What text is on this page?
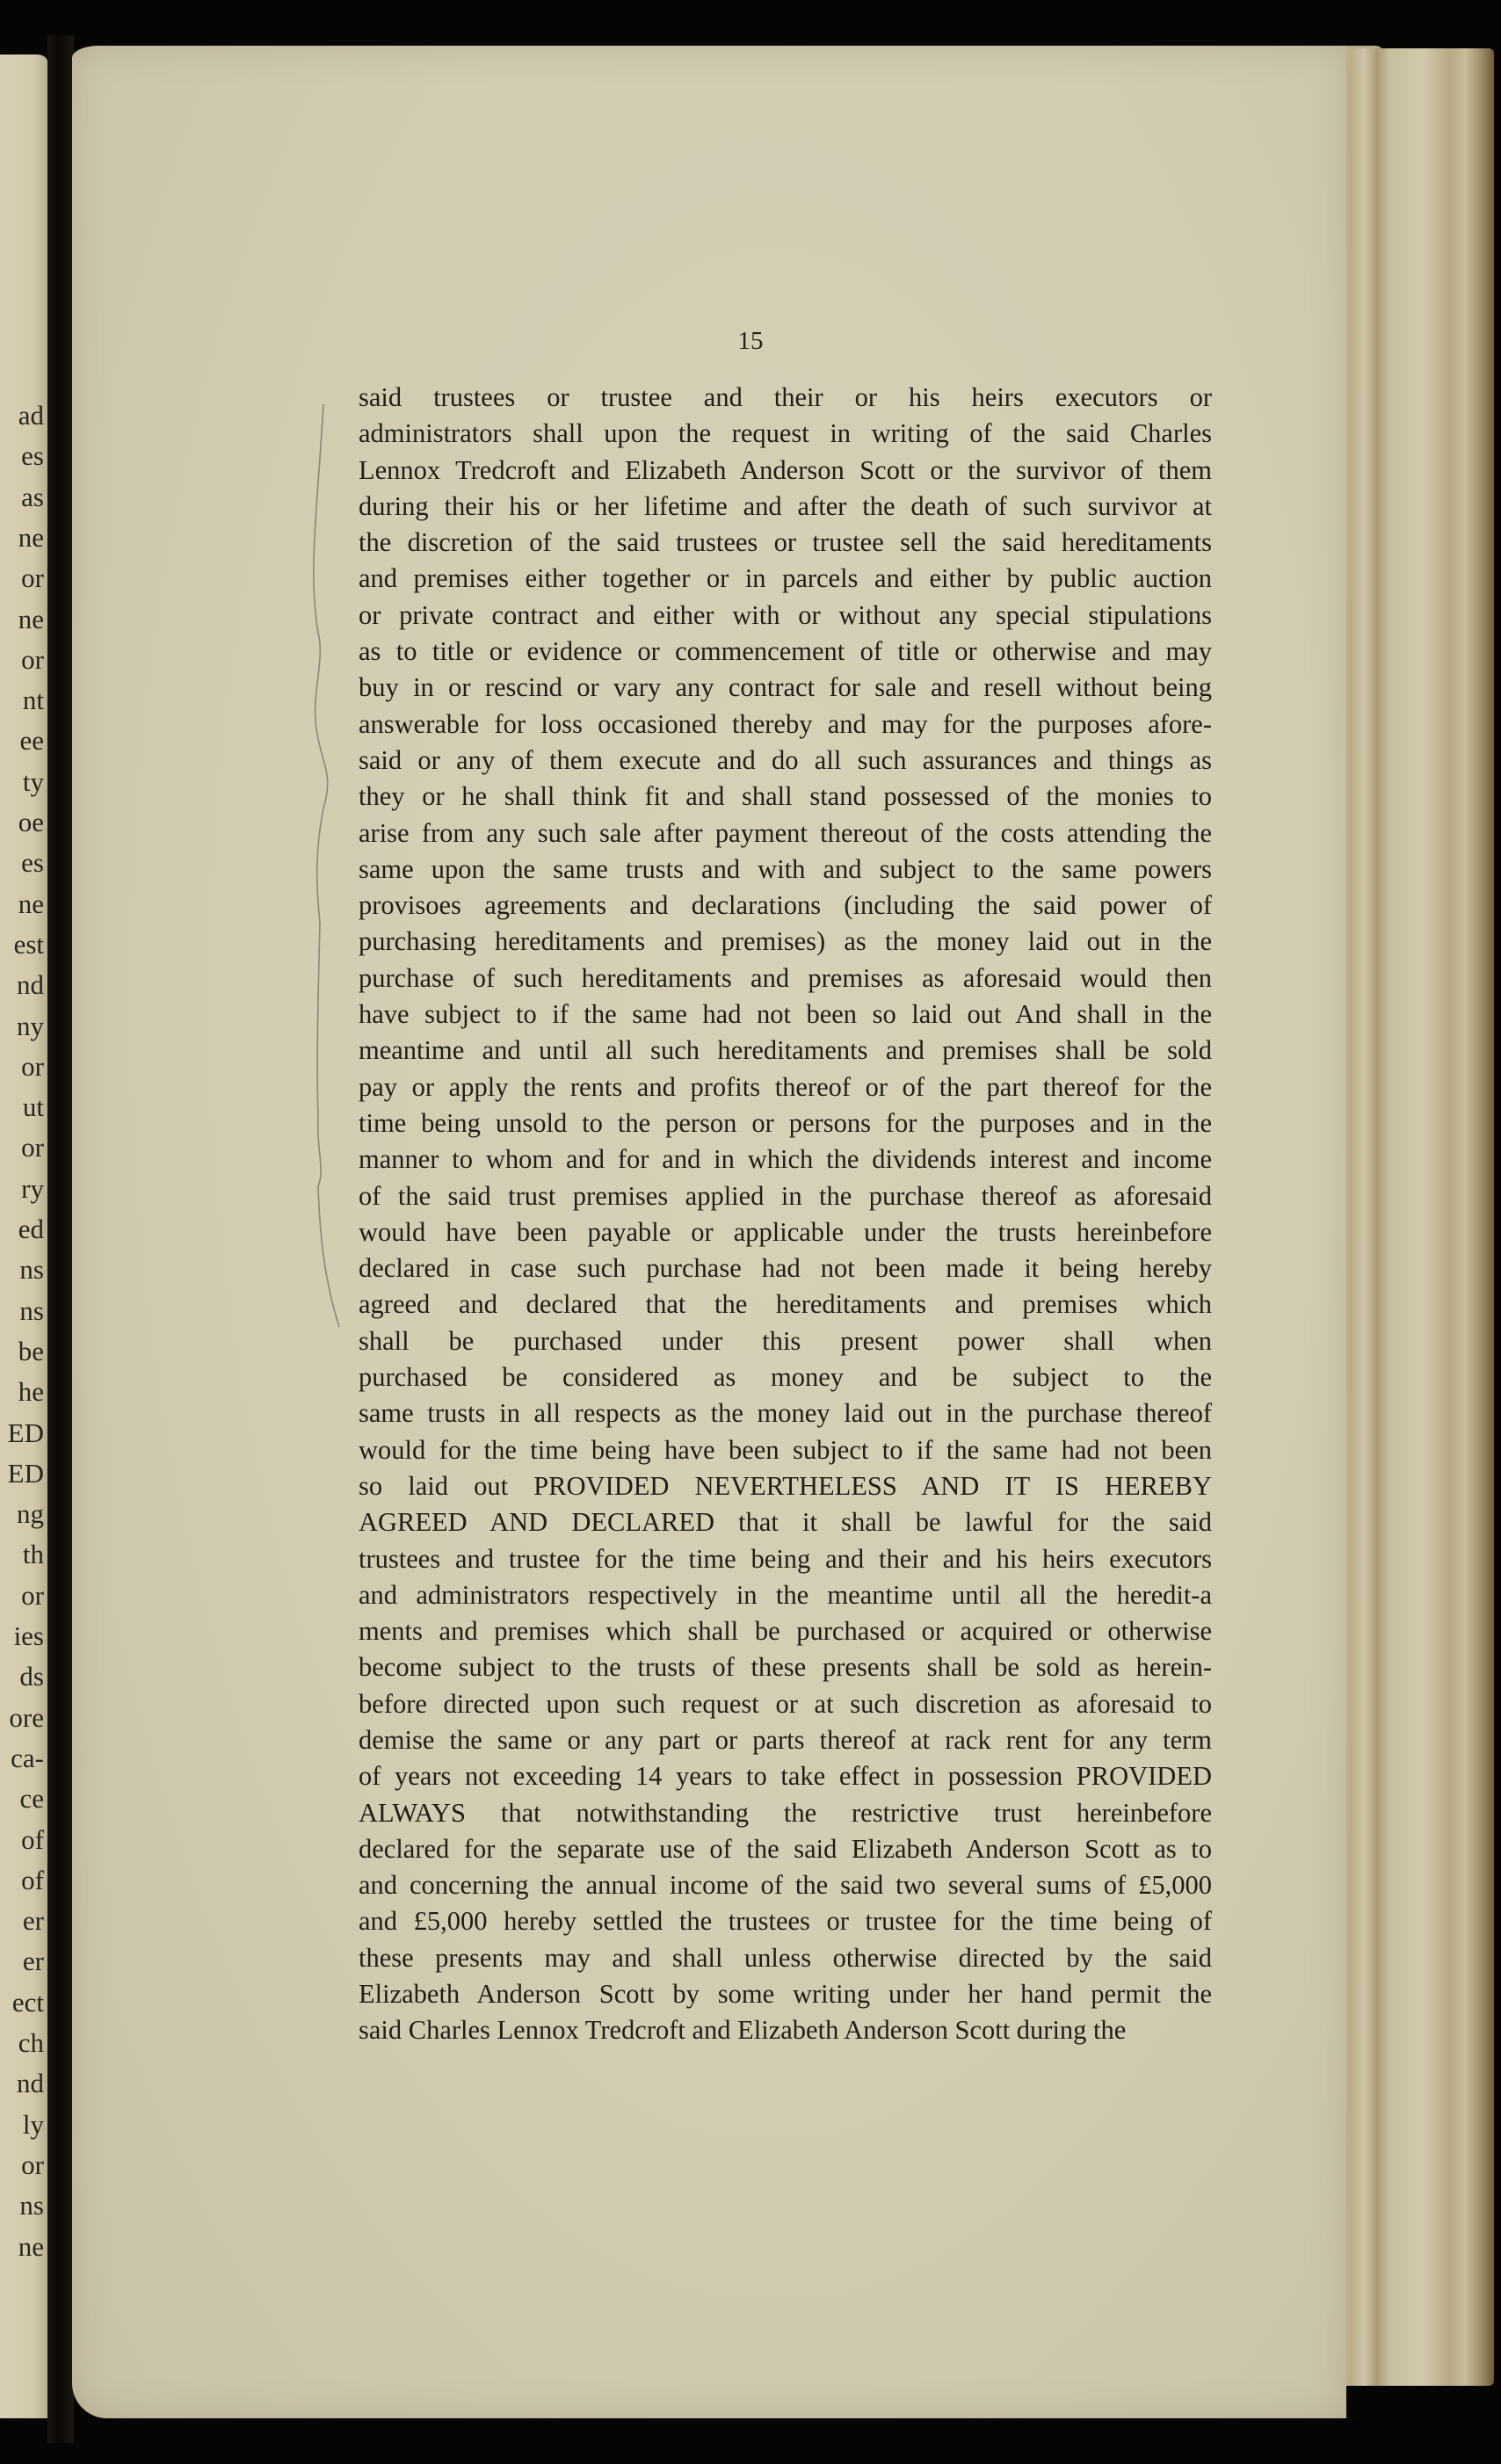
ad
es
as
ne
or
ne
or
nt
ee
ty
oe
es
ne
est
nd
ny
or
ut
or
ry
ed
ns
ns
be
he
ED
ED
ng
th
or
ies
ds
ore
ca-
ce
of
of
er
er
ect
ch
nd
ly
or
ns
ne
15
said trustees or trustee and their or his heirs executors or
administrators shall upon the request in writing of the said Charles
Lennox Tredcroft and Elizabeth Anderson Scott or the survivor of them
during their his or her lifetime and after the death of such survivor at
the discretion of the said trustees or trustee sell the said hereditaments
and premises either together or in parcels and either by public auction
or private contract and either with or without any special stipulations
as to title or evidence or commencement of title or otherwise and may
buy in or rescind or vary any contract for sale and resell without being
answerable for loss occasioned thereby and may for the purposes afore-
said or any of them execute and do all such assurances and things as
they or he shall think fit and shall stand possessed of the monies to
arise from any such sale after payment thereout of the costs attending the
same upon the same trusts and with and subject to the same powers
provisoes agreements and declarations (including the said power of
purchasing hereditaments and premises) as the money laid out in the
purchase of such hereditaments and premises as aforesaid would then
have subject to if the same had not been so laid out And shall in the
meantime and until all such hereditaments and premises shall be sold
pay or apply the rents and profits thereof or of the part thereof for the
time being unsold to the person or persons for the purposes and in the
manner to whom and for and in which the dividends interest and income
of the said trust premises applied in the purchase thereof as aforesaid
would have been payable or applicable under the trusts hereinbefore
declared in case such purchase had not been made it being hereby
agreed and declared that the hereditaments and premises which
shall be purchased under this present power shall when
purchased be considered as money and be subject to the
same trusts in all respects as the money laid out in the purchase thereof
would for the time being have been subject to if the same had not been
so laid out PROVIDED NEVERTHELESS AND IT IS HEREBY
AGREED AND DECLARED that it shall be lawful for the said
trustees and trustee for the time being and their and his heirs executors
and administrators respectively in the meantime until all the heredit-a
ments and premises which shall be purchased or acquired or otherwise
become subject to the trusts of these presents shall be sold as herein-
before directed upon such request or at such discretion as aforesaid to
demise the same or any part or parts thereof at rack rent for any term
of years not exceeding 14 years to take effect in possession PROVIDED
ALWAYS that notwithstanding the restrictive trust hereinbefore
declared for the separate use of the said Elizabeth Anderson Scott as to
and concerning the annual income of the said two several sums of £5,000
and £5,000 hereby settled the trustees or trustee for the time being of
these presents may and shall unless otherwise directed by the said
Elizabeth Anderson Scott by some writing under her hand permit the
said Charles Lennox Tredcroft and Elizabeth Anderson Scott during the
